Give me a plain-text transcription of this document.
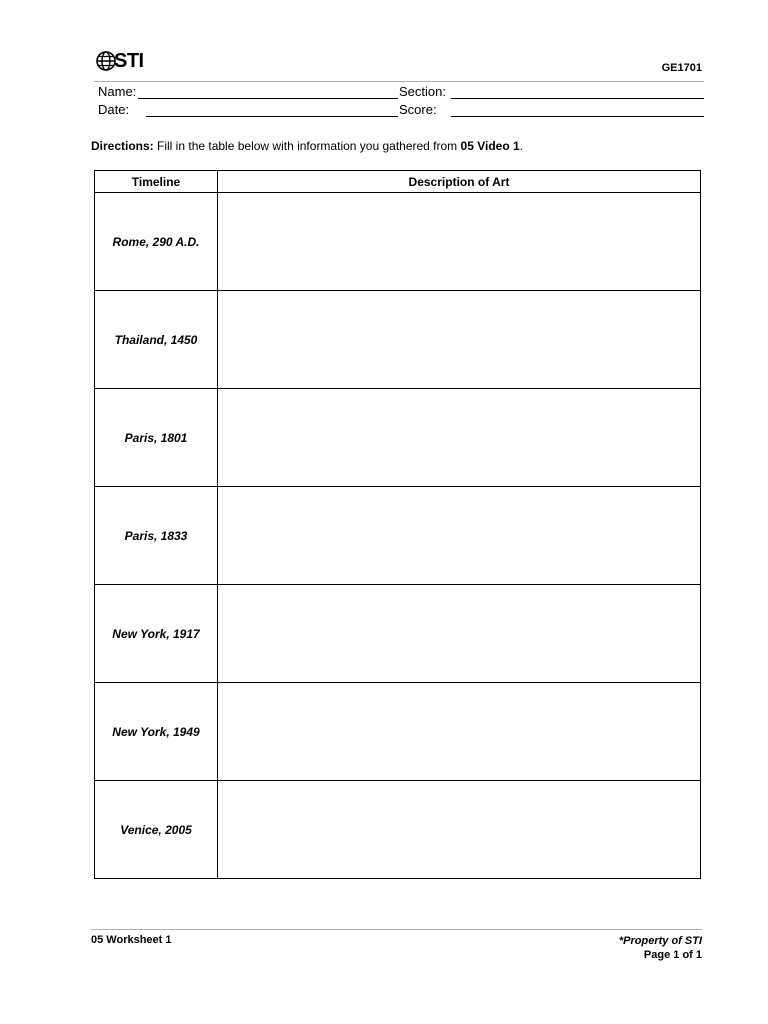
STI	GE1701
Name:	Section:
Date:	Score:
Directions: Fill in the table below with information you gathered from 05 Video 1.
Timeline	Description of Art
Rome, 290 A.D.	
Thailand, 1450	
Paris, 1801	
Paris, 1833	
New York, 1917	
New York, 1949	
Venice, 2005	
05 Worksheet 1	*Property of STI
Page 1 of 1
